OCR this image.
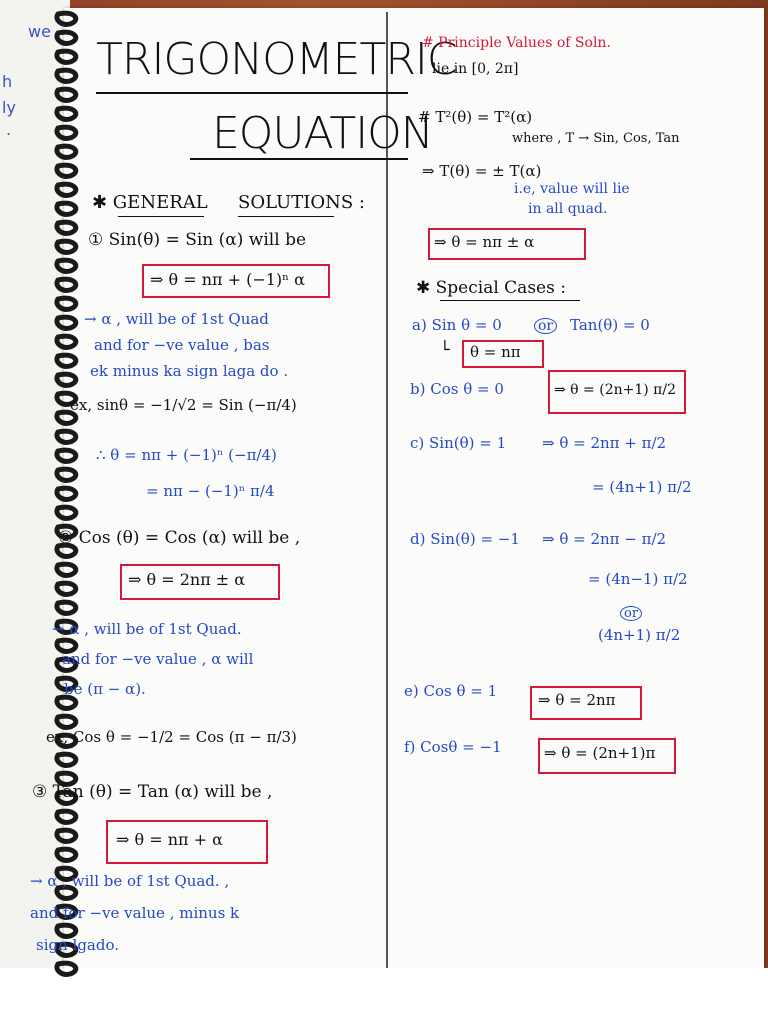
we
h
ly
.
TRIGONOMETRIC
EQUATION
✱ GENERAL SOLUTIONS :
① Sin(θ) = Sin (α) will be
⇒ θ = nπ + (−1)ⁿ α
→ α , will be of 1st Quad
and for −ve value , bas
ek minus ka sign laga do .
ex, sinθ = −1/√2 = Sin (−π/4)
∴ θ = nπ + (−1)ⁿ (−π/4)
= nπ − (−1)ⁿ π/4
② Cos (θ) = Cos (α) will be ,
⇒ θ = 2nπ ± α
→ α , will be of 1st Quad.
and for −ve value , α will
be (π − α).
ex, Cos θ = −1/2 = Cos (π − π/3)
③ Tan (θ) = Tan (α) will be ,
⇒ θ = nπ + α
→ α , will be of 1st Quad. ,
and for −ve value , minus k
sign lgado.
# Principle Values of Soln.
lie in [0, 2π]
# T²(θ) = T²(α)
where , T → Sin, Cos, Tan
⇒ T(θ) = ± T(α)
i.e, value will lie
in all quad.
⇒ θ = nπ ± α
✱ Special Cases :
a) Sin θ = 0	or Tan(θ) = 0
└ θ = nπ
b) Cos θ = 0	⇒ θ = (2n+1) π/2
c) Sin(θ) = 1 ⇒ θ = 2nπ + π/2
= (4n+1) π/2
d) Sin(θ) = −1 ⇒ θ = 2nπ − π/2
= (4n−1) π/2
or
(4n+1) π/2
e) Cos θ = 1	⇒ θ = 2nπ
f) Cosθ = −1	⇒ θ = (2n+1)π
